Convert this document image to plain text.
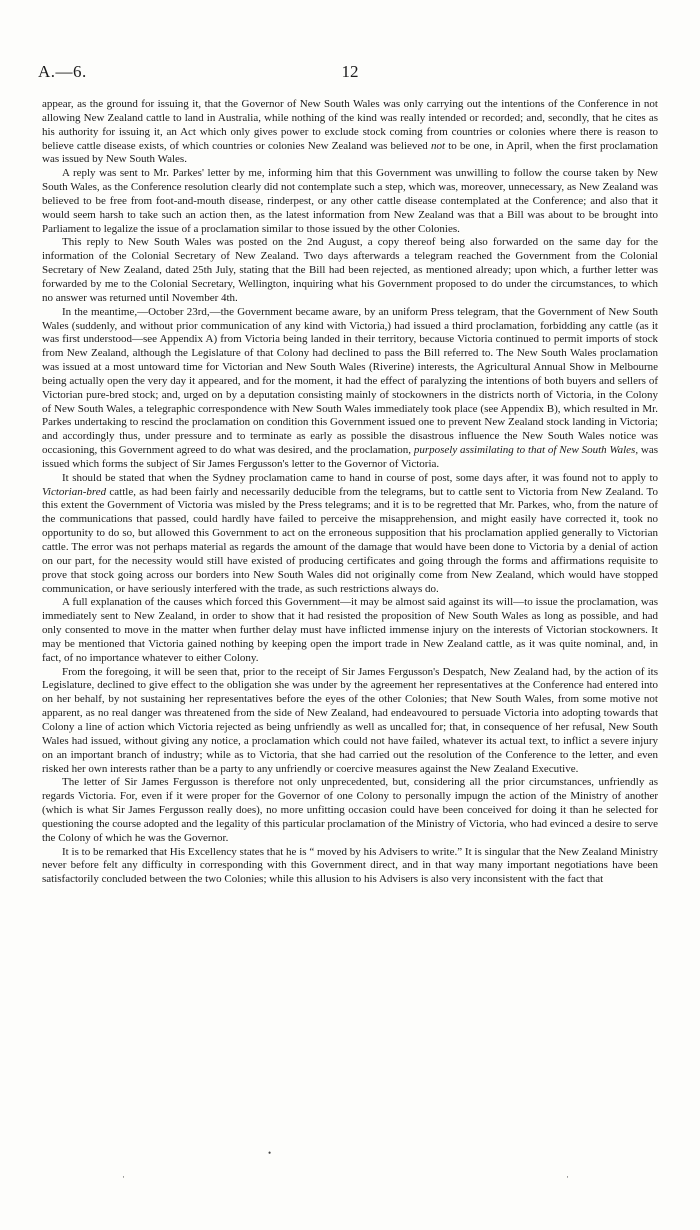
A.—6.	12

appear, as the ground for issuing it, that the Governor of New South Wales was only carrying out the intentions of the Conference in not allowing New Zealand cattle to land in Australia, while nothing of the kind was really intended or recorded; and, secondly, that he cites as his authority for issuing it, an Act which only gives power to exclude stock coming from countries or colonies where there is reason to believe cattle disease exists, of which countries or colonies New Zealand was believed not to be one, in April, when the first proclamation was issued by New South Wales.

A reply was sent to Mr. Parkes' letter by me, informing him that this Government was unwilling to follow the course taken by New South Wales, as the Conference resolution clearly did not contemplate such a step, which was, moreover, unnecessary, as New Zealand was believed to be free from foot-and-mouth disease, rinderpest, or any other cattle disease contemplated at the Conference; and also that it would seem harsh to take such an action then, as the latest information from New Zealand was that a Bill was about to be brought into Parliament to legalize the issue of a proclamation similar to those issued by the other Colonies.

This reply to New South Wales was posted on the 2nd August, a copy thereof being also forwarded on the same day for the information of the Colonial Secretary of New Zealand. Two days afterwards a telegram reached the Government from the Colonial Secretary of New Zealand, dated 25th July, stating that the Bill had been rejected, as mentioned already; upon which, a further letter was forwarded by me to the Colonial Secretary, Wellington, inquiring what his Government proposed to do under the circumstances, to which no answer was returned until November 4th.

In the meantime,—October 23rd,—the Government became aware, by an uniform Press telegram, that the Government of New South Wales (suddenly, and without prior communication of any kind with Victoria,) had issued a third proclamation, forbidding any cattle (as it was first understood—see Appendix A) from Victoria being landed in their territory, because Victoria continued to permit imports of stock from New Zealand, although the Legislature of that Colony had declined to pass the Bill referred to. The New South Wales proclamation was issued at a most untoward time for Victorian and New South Wales (Riverine) interests, the Agricultural Annual Show in Melbourne being actually open the very day it appeared, and for the moment, it had the effect of paralyzing the intentions of both buyers and sellers of Victorian pure-bred stock; and, urged on by a deputation consisting mainly of stockowners in the districts north of Victoria, in the Colony of New South Wales, a telegraphic correspondence with New South Wales immediately took place (see Appendix B), which resulted in Mr. Parkes undertaking to rescind the proclamation on condition this Government issued one to prevent New Zealand stock landing in Victoria; and accordingly thus, under pressure and to terminate as early as possible the disastrous influence the New South Wales notice was occasioning, this Government agreed to do what was desired, and the proclamation, purposely assimilating to that of New South Wales, was issued which forms the subject of Sir James Fergusson's letter to the Governor of Victoria.

It should be stated that when the Sydney proclamation came to hand in course of post, some days after, it was found not to apply to Victorian-bred cattle, as had been fairly and necessarily deducible from the telegrams, but to cattle sent to Victoria from New Zealand. To this extent the Government of Victoria was misled by the Press telegrams; and it is to be regretted that Mr. Parkes, who, from the nature of the communications that passed, could hardly have failed to perceive the misapprehension, and might easily have corrected it, took no opportunity to do so, but allowed this Government to act on the erroneous supposition that his proclamation applied generally to Victorian cattle. The error was not perhaps material as regards the amount of the damage that would have been done to Victoria by a denial of action on our part, for the necessity would still have existed of producing certificates and going through the forms and affirmations requisite to prove that stock going across our borders into New South Wales did not originally come from New Zealand, which would have stopped communication, or have seriously interfered with the trade, as such restrictions always do.

A full explanation of the causes which forced this Government—it may be almost said against its will—to issue the proclamation, was immediately sent to New Zealand, in order to show that it had resisted the proposition of New South Wales as long as possible, and had only consented to move in the matter when further delay must have inflicted immense injury on the interests of Victorian stockowners. It may be mentioned that Victoria gained nothing by keeping open the import trade in New Zealand cattle, as it was quite nominal, and, in fact, of no importance whatever to either Colony.

From the foregoing, it will be seen that, prior to the receipt of Sir James Fergusson's Despatch, New Zealand had, by the action of its Legislature, declined to give effect to the obligation she was under by the agreement her representatives at the Conference had entered into on her behalf, by not sustaining her representatives before the eyes of the other Colonies; that New South Wales, from some motive not apparent, as no real danger was threatened from the side of New Zealand, had endeavoured to persuade Victoria into adopting towards that Colony a line of action which Victoria rejected as being unfriendly as well as uncalled for; that, in consequence of her refusal, New South Wales had issued, without giving any notice, a proclamation which could not have failed, whatever its actual text, to inflict a severe injury on an important branch of industry; while as to Victoria, that she had carried out the resolution of the Conference to the letter, and even risked her own interests rather than be a party to any unfriendly or coercive measures against the New Zealand Executive.

The letter of Sir James Fergusson is therefore not only unprecedented, but, considering all the prior circumstances, unfriendly as regards Victoria. For, even if it were proper for the Governor of one Colony to personally impugn the action of the Ministry of another (which is what Sir James Fergusson really does), no more unfitting occasion could have been conceived for doing it than he selected for questioning the course adopted and the legality of this particular proclamation of the Ministry of Victoria, who had evinced a desire to serve the Colony of which he was the Governor.

It is to be remarked that His Excellency states that he is “ moved by his Advisers to write.” It is singular that the New Zealand Ministry never before felt any difficulty in corresponding with this Government direct, and in that way many important negotiations have been satisfactorily concluded between the two Colonies; while this allusion to his Advisers is also very inconsistent with the fact that

•
·	·
